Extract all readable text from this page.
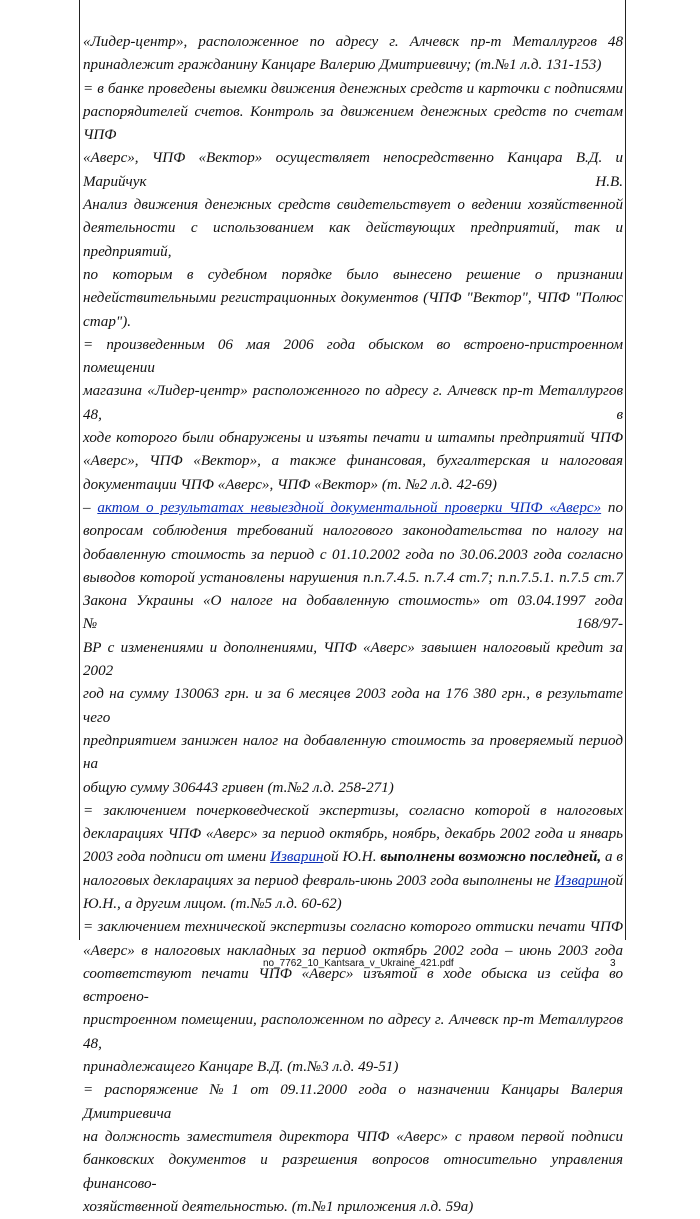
«Лидер-центр», расположенное по адресу г. Алчевск пр-т Металлургов 48
принадлежит гражданину Канцаре Валерию Дмитриевичу; (т.№1 л.д. 131-153)
= в банке проведены выемки движения денежных средств и карточки с подписями
распорядителей счетов. Контроль за движением денежных средств по счетам ЧПФ
«Аверс», ЧПФ «Вектор» осуществляет непосредственно Канцара В.Д. и Марийчук Н.В.
Анализ движения денежных средств свидетельствует о ведении хозяйственной
деятельности с использованием как действующих предприятий, так и предприятий,
по которым в судебном порядке было вынесено решение о признании
недействительными регистрационных документов (ЧПФ "Вектор", ЧПФ "Полюс
стар").
= произведенным 06 мая 2006 года обыском во встроено-пристроенном помещении
магазина «Лидер-центр» расположенного по адресу г. Алчевск пр-т Металлургов 48, в
ходе которого были обнаружены и изъяты печати и штампы предприятий ЧПФ
«Аверс», ЧПФ «Вектор», а также финансовая, бухгалтерская и налоговая
документации ЧПФ «Аверс», ЧПФ «Вектор» (т. №2 л.д. 42-69)
– актом о результатах невыездной документальной проверки ЧПФ «Аверс» по
вопросам соблюдения требований налогового законодательства по налогу на
добавленную стоимость за период с 01.10.2002 года по 30.06.2003 года согласно
выводов которой установлены нарушения п.п.7.4.5. п.7.4 ст.7; п.п.7.5.1. п.7.5 ст.7
Закона Украины «О налоге на добавленную стоимость» от 03.04.1997 года №168/97-
ВР с изменениями и дополнениями, ЧПФ «Аверс» завышен налоговый кредит за 2002
год на сумму 130063 грн. и за 6 месяцев 2003 года на 176 380 грн., в результате чего
предприятием занижен налог на добавленную стоимость за проверяемый период на
общую сумму 306443 гривен (т.№2 л.д. 258-271)
= заключением почерковедческой экспертизы, согласно которой в налоговых
декларациях ЧПФ «Аверс» за период октябрь, ноябрь, декабрь 2002 года и январь
2003 года подписи от имени Извариной Ю.Н. выполнены возможно последней, а в
налоговых декларациях за период февраль-июнь 2003 года выполнены не Извариной
Ю.Н., а другим лицом. (т.№5 л.д. 60-62)
= заключением технической экспертизы согласно которого оттиски печати ЧПФ
«Аверс» в налоговых накладных за период октябрь 2002 года – июнь 2003 года
соответствуют печати ЧПФ «Аверс» изъятой в ходе обыска из сейфа во встроено-
пристроенном помещении, расположенном по адресу г. Алчевск пр-т Металлургов 48,
принадлежащего Канцаре В.Д. (т.№3 л.д. 49-51)
= распоряжение №1 от 09.11.2000 года о назначении Канцары Валерия Дмитриевича
на должность заместителя директора ЧПФ «Аверс» с правом первой подписи
банковских документов и разрешения вопросов относительно управления финансово-
хозяйственной деятельностью. (т.№1 приложения л.д. 59а)
no_7762_10_Kantsara_v_Ukraine_421.pdf	3
